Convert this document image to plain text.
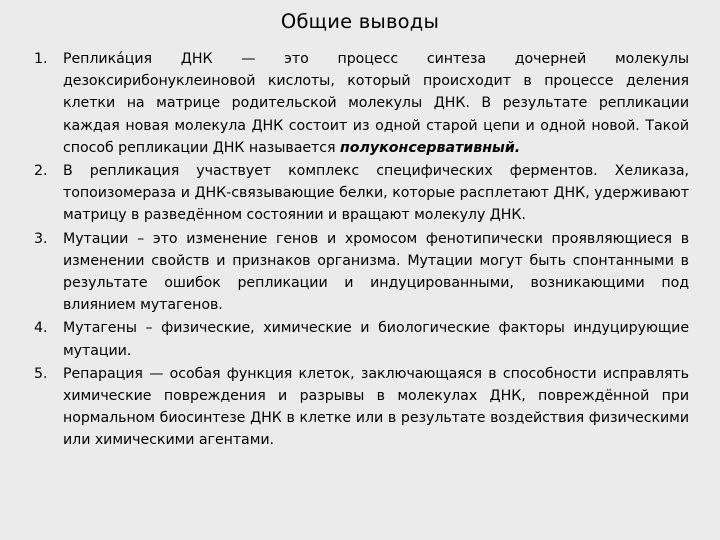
Общие выводы
1. Реплика́ция ДНК — это процесс синтеза дочерней молекулы дезоксирибонуклеиновой кислоты, который происходит в процессе деления клетки на матрице родительской молекулы ДНК. В результате репликации каждая новая молекула ДНК состоит из одной старой цепи и одной новой. Такой способ репликации ДНК называется полуконсервативный.
2. В репликация участвует комплекс специфических ферментов. Хеликаза, топоизомераза и ДНК-связывающие белки, которые расплетают ДНК, удерживают матрицу в разведённом состоянии и вращают молекулу ДНК.
3. Мутации – это изменение генов и хромосом фенотипически проявляющиеся в изменении свойств и признаков организма. Мутации могут быть спонтанными в результате ошибок репликации и индуцированными, возникающими под влиянием мутагенов.
4. Мутагены – физические, химические и биологические факторы индуцирующие мутации.
5. Репарация — особая функция клеток, заключающаяся в способности исправлять химические повреждения и разрывы в молекулах ДНК, повреждённой при нормальном биосинтезе ДНК в клетке или в результате воздействия физическими или химическими агентами.
